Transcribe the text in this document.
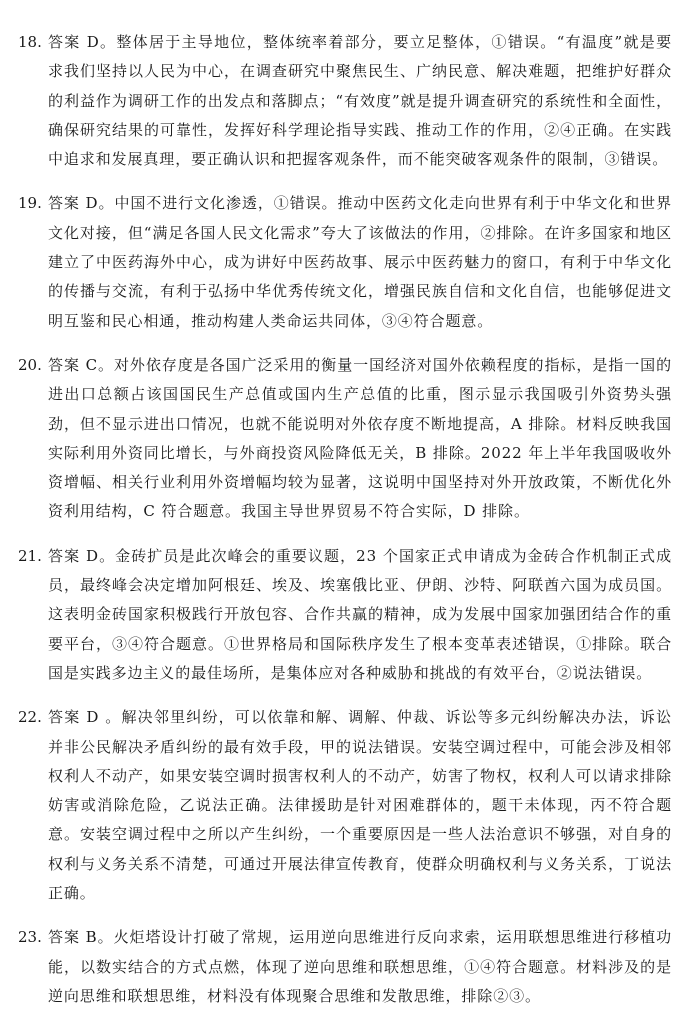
18. 答案 D。整体居于主导地位，整体统率着部分，要立足整体，①错误。“有温度”就是要求我们坚持以人民为中心，在调查研究中聚焦民生、广纳民意、解决难题，把维护好群众的利益作为调研工作的出发点和落脚点；“有效度”就是提升调查研究的系统性和全面性，确保研究结果的可靠性，发挥好科学理论指导实践、推动工作的作用，②④正确。在实践中追求和发展真理，要正确认识和把握客观条件，而不能突破客观条件的限制，③错误。

19. 答案 D。中国不进行文化渗透，①错误。推动中医药文化走向世界有利于中华文化和世界文化对接，但“满足各国人民文化需求”夸大了该做法的作用，②排除。在许多国家和地区建立了中医药海外中心，成为讲好中医药故事、展示中医药魅力的窗口，有利于中华文化的传播与交流，有利于弘扬中华优秀传统文化，增强民族自信和文化自信，也能够促进文明互鉴和民心相通，推动构建人类命运共同体，③④符合题意。

20. 答案 C。对外依存度是各国广泛采用的衡量一国经济对国外依赖程度的指标，是指一国的进出口总额占该国国民生产总值或国内生产总值的比重，图示显示我国吸引外资势头强劲，但不显示进出口情况，也就不能说明对外依存度不断地提高，A 排除。材料反映我国实际利用外资同比增长，与外商投资风险降低无关，B 排除。2022 年上半年我国吸收外资增幅、相关行业利用外资增幅均较为显著，这说明中国坚持对外开放政策，不断优化外资利用结构，C 符合题意。我国主导世界贸易不符合实际，D 排除。

21. 答案 D。金砖扩员是此次峰会的重要议题，23 个国家正式申请成为金砖合作机制正式成员，最终峰会决定增加阿根廷、埃及、埃塞俄比亚、伊朗、沙特、阿联酋六国为成员国。这表明金砖国家积极践行开放包容、合作共赢的精神，成为发展中国家加强团结合作的重要平台，③④符合题意。①世界格局和国际秩序发生了根本变革表述错误，①排除。联合国是实践多边主义的最佳场所，是集体应对各种威胁和挑战的有效平台，②说法错误。

22. 答案 D 。解决邻里纠纷，可以依靠和解、调解、仲裁、诉讼等多元纠纷解决办法，诉讼并非公民解决矛盾纠纷的最有效手段，甲的说法错误。安装空调过程中，可能会涉及相邻权利人不动产，如果安装空调时损害权利人的不动产，妨害了物权，权利人可以请求排除妨害或消除危险，乙说法正确。法律援助是针对困难群体的，题干未体现，丙不符合题意。安装空调过程中之所以产生纠纷，一个重要原因是一些人法治意识不够强，对自身的权利与义务关系不清楚，可通过开展法律宣传教育，使群众明确权利与义务关系，丁说法正确。

23. 答案 B。火炬塔设计打破了常规，运用逆向思维进行反向求索，运用联想思维进行移植功能，以数实结合的方式点燃，体现了逆向思维和联想思维，①④符合题意。材料涉及的是逆向思维和联想思维，材料没有体现聚合思维和发散思维，排除②③。
